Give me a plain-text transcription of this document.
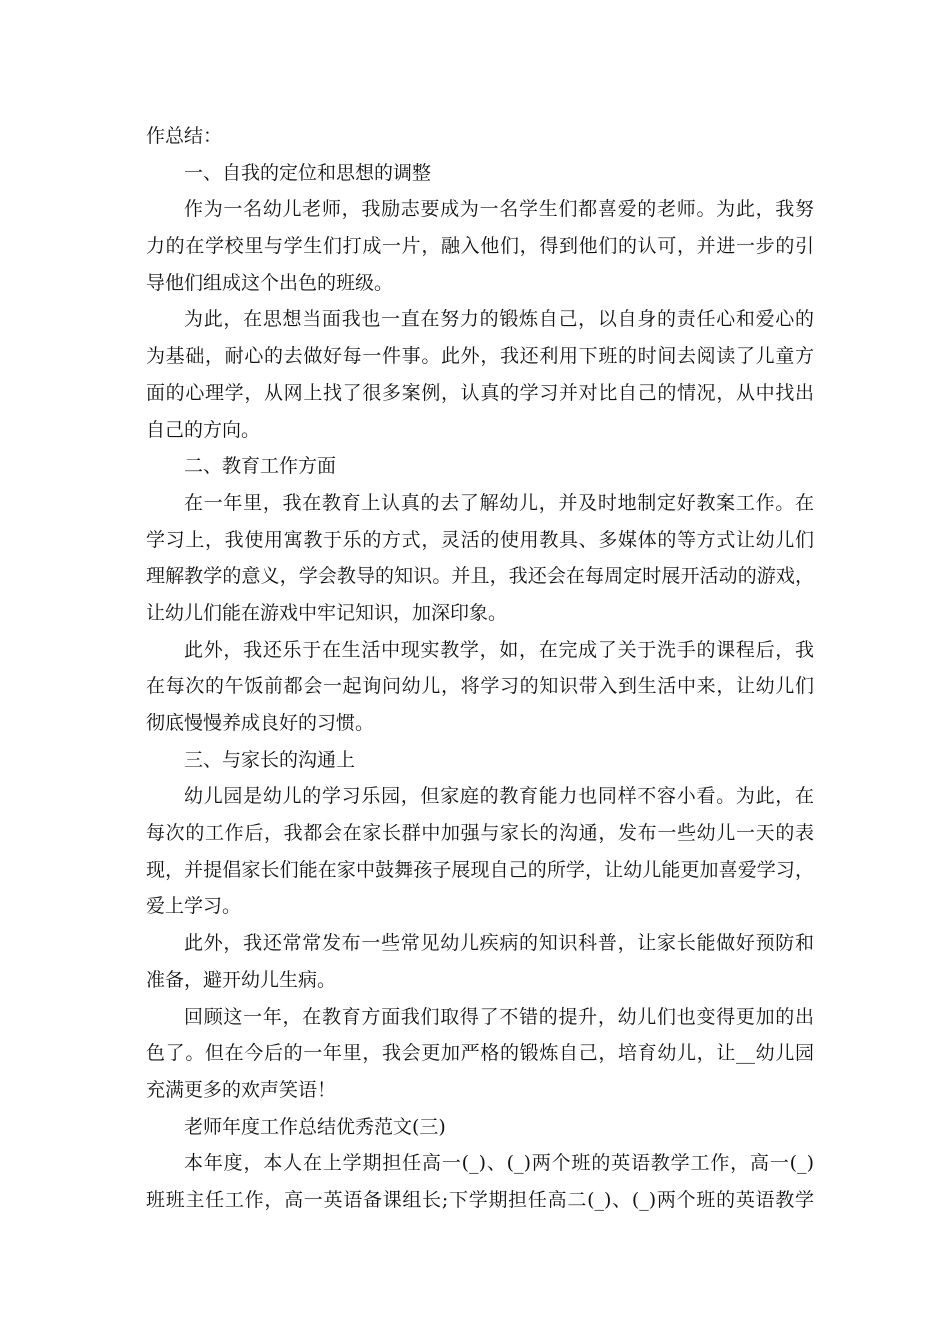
作总结：
一、自我的定位和思想的调整
作为一名幼儿老师，我励志要成为一名学生们都喜爱的老师。为此，我努
力的在学校里与学生们打成一片，融入他们，得到他们的认可，并进一步的引
导他们组成这个出色的班级。
为此，在思想当面我也一直在努力的锻炼自己，以自身的责任心和爱心的
为基础，耐心的去做好每一件事。此外，我还利用下班的时间去阅读了儿童方
面的心理学，从网上找了很多案例，认真的学习并对比自己的情况，从中找出
自己的方向。
二、教育工作方面
在一年里，我在教育上认真的去了解幼儿，并及时地制定好教案工作。在
学习上，我使用寓教于乐的方式，灵活的使用教具、多媒体的等方式让幼儿们
理解教学的意义，学会教导的知识。并且，我还会在每周定时展开活动的游戏，
让幼儿们能在游戏中牢记知识，加深印象。
此外，我还乐于在生活中现实教学，如，在完成了关于洗手的课程后，我
在每次的午饭前都会一起询问幼儿，将学习的知识带入到生活中来，让幼儿们
彻底慢慢养成良好的习惯。
三、与家长的沟通上
幼儿园是幼儿的学习乐园，但家庭的教育能力也同样不容小看。为此，在
每次的工作后，我都会在家长群中加强与家长的沟通，发布一些幼儿一天的表
现，并提倡家长们能在家中鼓舞孩子展现自己的所学，让幼儿能更加喜爱学习，
爱上学习。
此外，我还常常发布一些常见幼儿疾病的知识科普，让家长能做好预防和
准备，避开幼儿生病。
回顾这一年，在教育方面我们取得了不错的提升，幼儿们也变得更加的出
色了。但在今后的一年里，我会更加严格的锻炼自己，培育幼儿，让__幼儿园
充满更多的欢声笑语！
老师年度工作总结优秀范文(三)
本年度，本人在上学期担任高一(_)、(_)两个班的英语教学工作，高一(_)
班班主任工作，高一英语备课组长;下学期担任高二(_)、(_)两个班的英语教学
